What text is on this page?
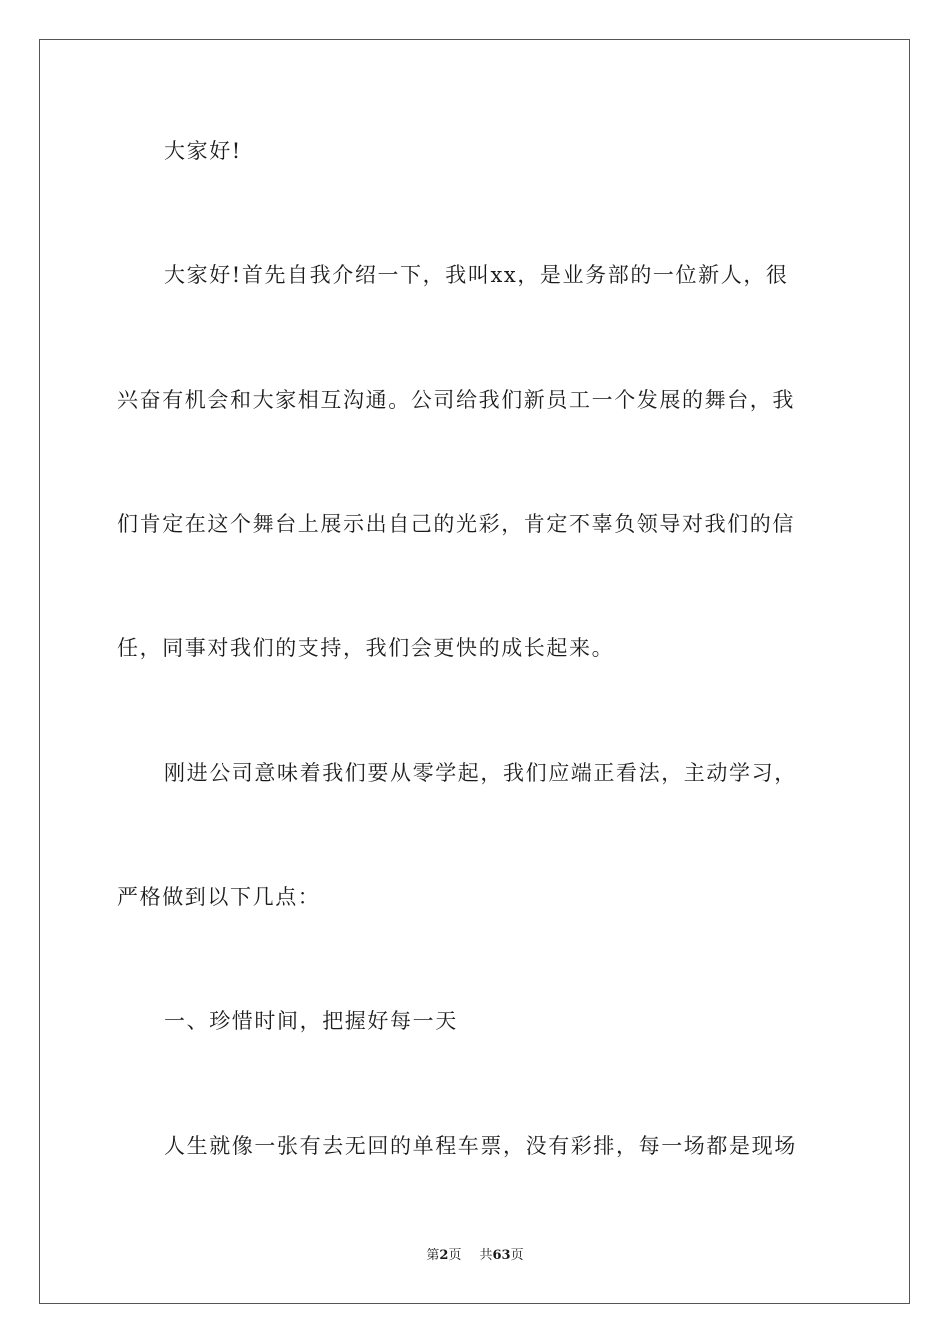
大家好!
大家好!首先自我介绍一下，我叫xx，是业务部的一位新人，很
兴奋有机会和大家相互沟通。公司给我们新员工一个发展的舞台，我
们肯定在这个舞台上展示出自己的光彩，肯定不辜负领导对我们的信
任，同事对我们的支持，我们会更快的成长起来。
刚进公司意味着我们要从零学起，我们应端正看法，主动学习，
严格做到以下几点：
一、珍惜时间，把握好每一天
人生就像一张有去无回的单程车票，没有彩排，每一场都是现场
第2页 共63页
